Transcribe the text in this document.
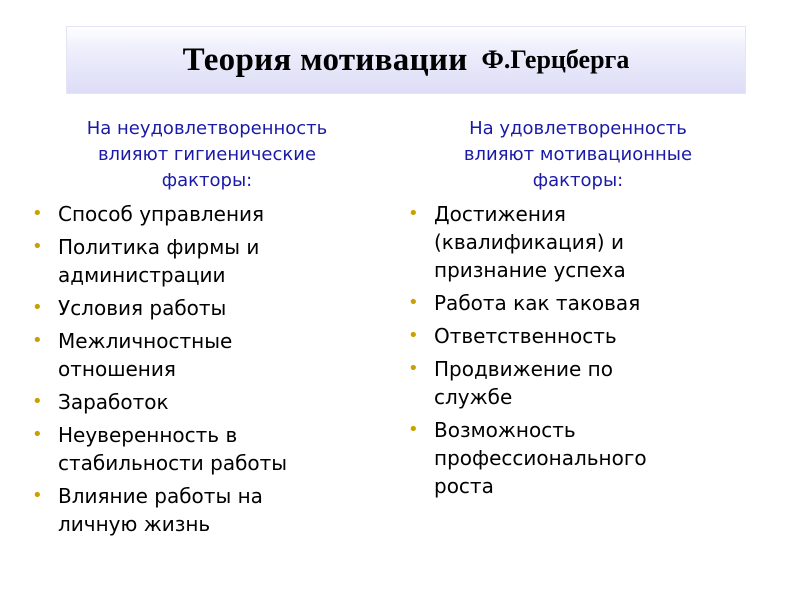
Теория мотивации Ф.Герцберга
На неудовлетворенность
влияют гигиенические
факторы:
• Способ управления
• Политика фирмы и
администрации
• Условия работы
• Межличностные
отношения
• Заработок
• Неуверенность в
стабильности работы
• Влияние работы на
личную жизнь
На удовлетворенность
влияют мотивационные
факторы:
• Достижения
(квалификация) и
признание успеха
• Работа как таковая
• Ответственность
• Продвижение по
службе
• Возможность
профессионального
роста
